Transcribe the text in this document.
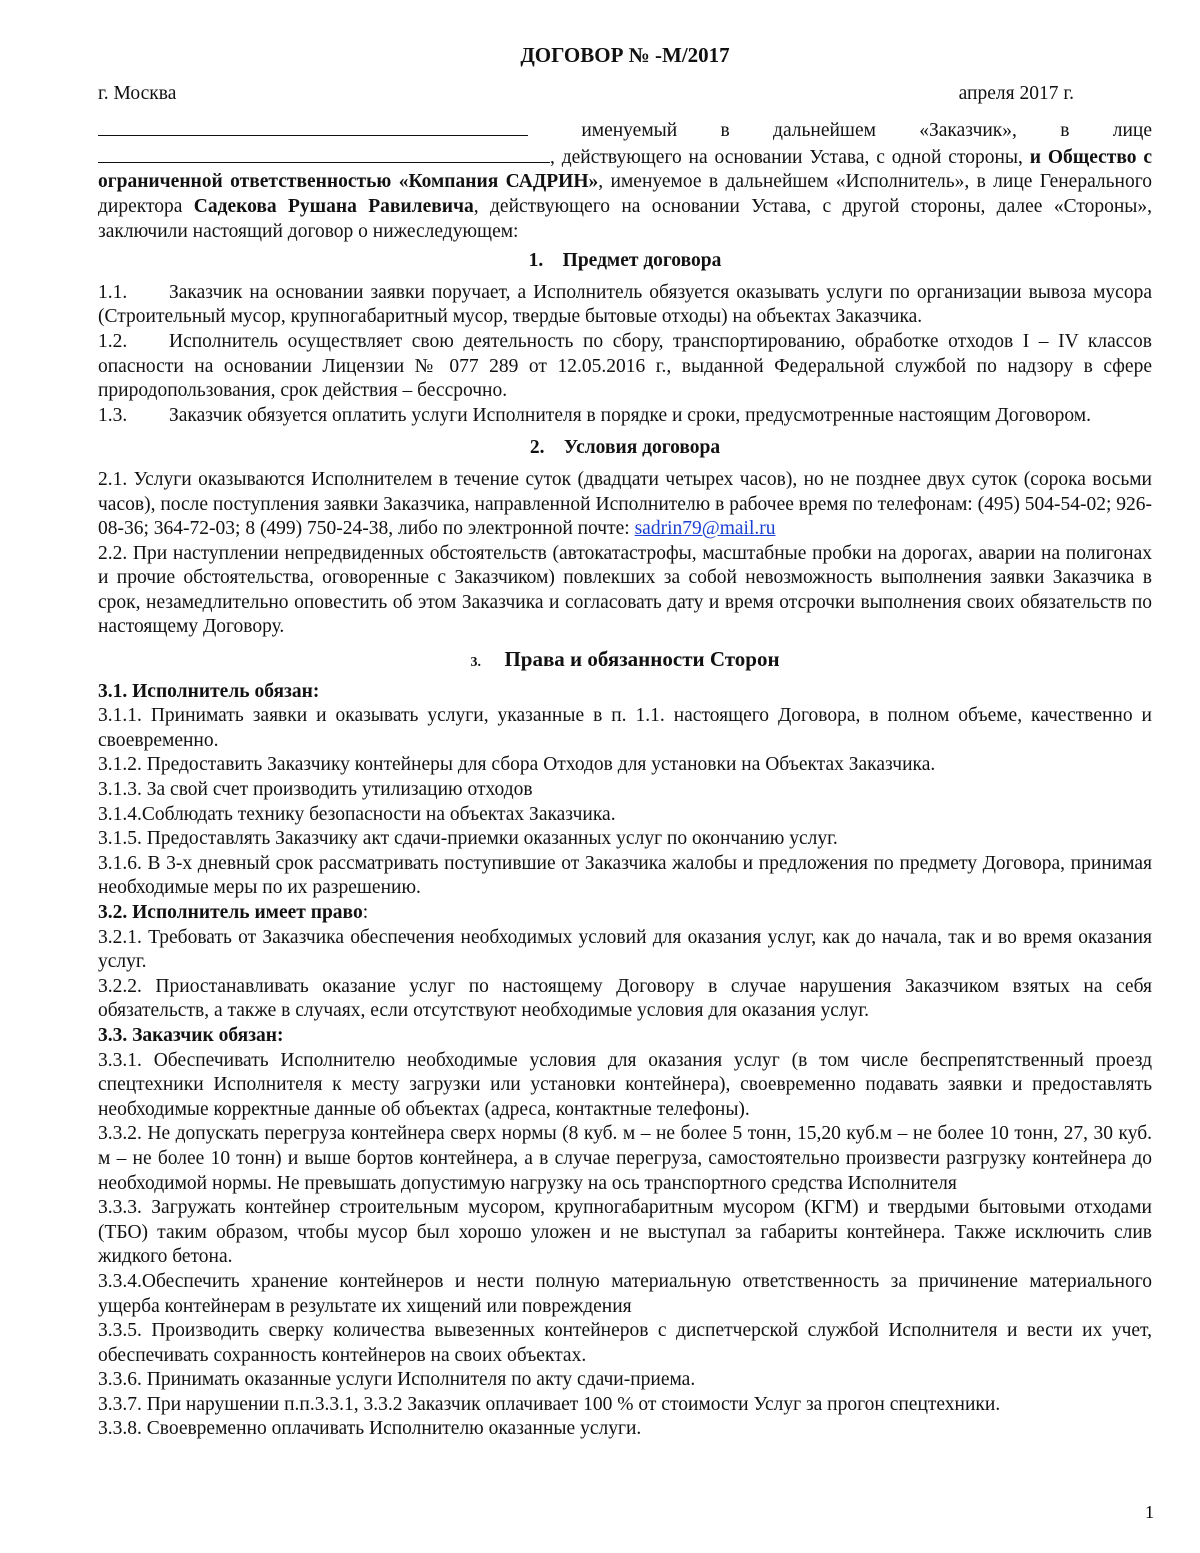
ДОГОВОР № -М/2017
г. Москва	апреля 2017 г.

именуемый в дальнейшем «Заказчик», в лице , действующего на основании Устава, с одной стороны, и Общество с ограниченной ответственностью «Компания САДРИН», именуемое в дальнейшем «Исполнитель», в лице Генерального директора Садекова Рушана Равилевича, действующего на основании Устава, с другой стороны, далее «Стороны», заключили настоящий договор о нижеследующем:

1. Предмет договора

1.1. Заказчик на основании заявки поручает, а Исполнитель обязуется оказывать услуги по организации вывоза мусора (Строительный мусор, крупногабаритный мусор, твердые бытовые отходы) на объектах Заказчика.

1.2. Исполнитель осуществляет свою деятельность по сбору, транспортированию, обработке отходов I – IV классов опасности на основании Лицензии № 077 289 от 12.05.2016 г., выданной Федеральной службой по надзору в сфере природопользования, срок действия – бессрочно.

1.3. Заказчик обязуется оплатить услуги Исполнителя в порядке и сроки, предусмотренные настоящим Договором.

2. Условия договора

2.1. Услуги оказываются Исполнителем в течение суток (двадцати четырех часов), но не позднее двух суток (сорока восьми часов), после поступления заявки Заказчика, направленной Исполнителю в рабочее время по телефонам: (495) 504-54-02; 926-08-36; 364-72-03; 8 (499) 750-24-38, либо по электронной почте: sadrin79@mail.ru

2.2. При наступлении непредвиденных обстоятельств (автокатастрофы, масштабные пробки на дорогах, аварии на полигонах и прочие обстоятельства, оговоренные с Заказчиком) повлекших за собой невозможность выполнения заявки Заказчика в срок, незамедлительно оповестить об этом Заказчика и согласовать дату и время отсрочки выполнения своих обязательств по настоящему Договору.

3. Права и обязанности Сторон

3.1. Исполнитель обязан:

3.1.1. Принимать заявки и оказывать услуги, указанные в п. 1.1. настоящего Договора, в полном объеме, качественно и своевременно.

3.1.2. Предоставить Заказчику контейнеры для сбора Отходов для установки на Объектах Заказчика.

3.1.3. За свой счет производить утилизацию отходов

3.1.4.Соблюдать технику безопасности на объектах Заказчика.

3.1.5. Предоставлять Заказчику акт сдачи-приемки оказанных услуг по окончанию услуг.

3.1.6. В 3-х дневный срок рассматривать поступившие от Заказчика жалобы и предложения по предмету Договора, принимая необходимые меры по их разрешению.

3.2. Исполнитель имеет право:

3.2.1. Требовать от Заказчика обеспечения необходимых условий для оказания услуг, как до начала, так и во время оказания услуг.

3.2.2. Приостанавливать оказание услуг по настоящему Договору в случае нарушения Заказчиком взятых на себя обязательств, а также в случаях, если отсутствуют необходимые условия для оказания услуг.

3.3. Заказчик обязан:

3.3.1. Обеспечивать Исполнителю необходимые условия для оказания услуг (в том числе беспрепятственный проезд спецтехники Исполнителя к месту загрузки или установки контейнера), своевременно подавать заявки и предоставлять необходимые корректные данные об объектах (адреса, контактные телефоны).

3.3.2. Не допускать перегруза контейнера сверх нормы (8 куб. м – не более 5 тонн, 15,20 куб.м – не более 10 тонн, 27, 30 куб. м – не более 10 тонн) и выше бортов контейнера, а в случае перегруза, самостоятельно произвести разгрузку контейнера до необходимой нормы. Не превышать допустимую нагрузку на ось транспортного средства Исполнителя

3.3.3. Загружать контейнер строительным мусором, крупногабаритным мусором (КГМ) и твердыми бытовыми отходами (ТБО) таким образом, чтобы мусор был хорошо уложен и не выступал за габариты контейнера. Также исключить слив жидкого бетона.

3.3.4.Обеспечить хранение контейнеров и нести полную материальную ответственность за причинение материального ущерба контейнерам в результате их хищений или повреждения

3.3.5. Производить сверку количества вывезенных контейнеров с диспетчерской службой Исполнителя и вести их учет, обеспечивать сохранность контейнеров на своих объектах.

3.3.6. Принимать оказанные услуги Исполнителя по акту сдачи-приема.

3.3.7. При нарушении п.п.3.3.1, 3.3.2 Заказчик оплачивает 100 % от стоимости Услуг за прогон спецтехники.

3.3.8. Своевременно оплачивать Исполнителю оказанные услуги.

1
